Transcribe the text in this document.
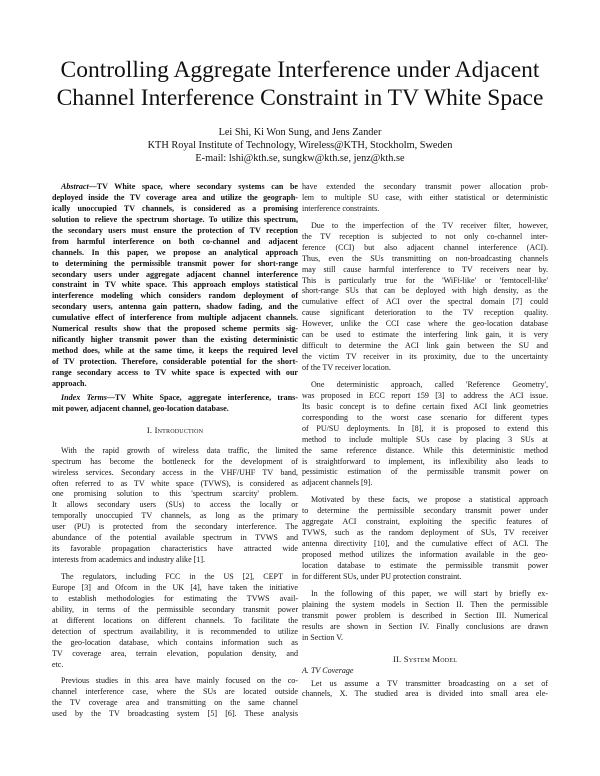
Controlling Aggregate Interference under Adjacent
Channel Interference Constraint in TV White Space
Lei Shi, Ki Won Sung, and Jens Zander
KTH Royal Institute of Technology, Wireless@KTH, Stockholm, Sweden
E-mail: lshi@kth.se, sungkw@kth.se, jenz@kth.se
Abstract—TV White space, where secondary systems can be
deployed inside the TV coverage area and utilize the geograph-
ically unoccupied TV channels, is considered as a promising
solution to relieve the spectrum shortage. To utilize this spectrum,
the secondary users must ensure the protection of TV reception
from harmful interference on both co-channel and adjacent
channels. In this paper, we propose an analytical approach
to determining the permissible transmit power for short-range
secondary users under aggregate adjacent channel interference
constraint in TV white space. This approach employs statistical
interference modeling which considers random deployment of
secondary users, antenna gain pattern, shadow fading, and the
cumulative effect of interference from multiple adjacent channels.
Numerical results show that the proposed scheme permits sig-
nificantly higher transmit power than the existing deterministic
method does, while at the same time, it keeps the required level
of TV protection. Therefore, considerable potential for the short-
range secondary access to TV white space is expected with our
approach.
Index Terms—TV White Space, aggregate interference, trans-
mit power, adjacent channel, geo-location database.
I. Introduction
With the rapid growth of wireless data traffic, the limited
spectrum has become the bottleneck for the development of
wireless services. Secondary access in the VHF/UHF TV band,
often referred to as TV white space (TVWS), is considered as
one promising solution to this 'spectrum scarcity' problem.
It allows secondary users (SUs) to access the locally or
temporally unoccupied TV channels, as long as the primary
user (PU) is protected from the secondary interference. The
abundance of the potential available spectrum in TVWS and
its favorable propagation characteristics have attracted wide
interests from academics and industry alike [1].
The regulators, including FCC in the US [2], CEPT in
Europe [3] and Ofcom in the UK [4], have taken the initiative
to establish methodologies for estimating the TVWS avail-
ability, in terms of the permissible secondary transmit power
at different locations on different channels. To facilitate the
detection of spectrum availability, it is recommended to utilize
the geo-location database, which contains information such as
TV coverage area, terrain elevation, population density, and
etc.
Previous studies in this area have mainly focused on the co-
channel interference case, where the SUs are located outside
the TV coverage area and transmitting on the same channel
used by the TV broadcasting system [5] [6]. These analysis
have extended the secondary transmit power allocation prob-
lem to multiple SU case, with either statistical or deterministic
interference constraints.
Due to the imperfection of the TV receiver filter, however,
the TV reception is subjected to not only co-channel inter-
ference (CCI) but also adjacent channel interference (ACI).
Thus, even the SUs transmitting on non-broadcasting channels
may still cause harmful interference to TV receivers near by.
This is particularly true for the 'WiFi-like' or 'femtocell-like'
short-range SUs that can be deployed with high density, as the
cumulative effect of ACI over the spectral domain [7] could
cause significant deterioration to the TV reception quality.
However, unlike the CCI case where the geo-location database
can be used to estimate the interfering link gain, it is very
difficult to determine the ACI link gain between the SU and
the victim TV receiver in its proximity, due to the uncertainty
of the TV receiver location.
One deterministic approach, called 'Reference Geometry',
was proposed in ECC report 159 [3] to address the ACI issue.
Its basic concept is to define certain fixed ACI link geometries
corresponding to the worst case scenario for different types
of PU/SU deployments. In [8], it is proposed to extend this
method to include multiple SUs case by placing 3 SUs at
the same reference distance. While this deterministic method
is straightforward to implement, its inflexibility also leads to
pessimistic estimation of the permissible transmit power on
adjacent channels [9].
Motivated by these facts, we propose a statistical approach
to determine the permissible secondary transmit power under
aggregate ACI constraint, exploiting the specific features of
TVWS, such as the random deployment of SUs, TV receiver
antenna directivity [10], and the cumulative effect of ACI. The
proposed method utilizes the information available in the geo-
location database to estimate the permissible transmit power
for different SUs, under PU protection constraint.
In the following of this paper, we will start by briefly ex-
plaining the system models in Section II. Then the permissible
transmit power problem is described in Section III. Numerical
results are shown in Section IV. Finally conclusions are drawn
in Section V.
II. System Model
A. TV Coverage
Let us assume a TV transmitter broadcasting on a set of
channels, X. The studied area is divided into small area ele-
